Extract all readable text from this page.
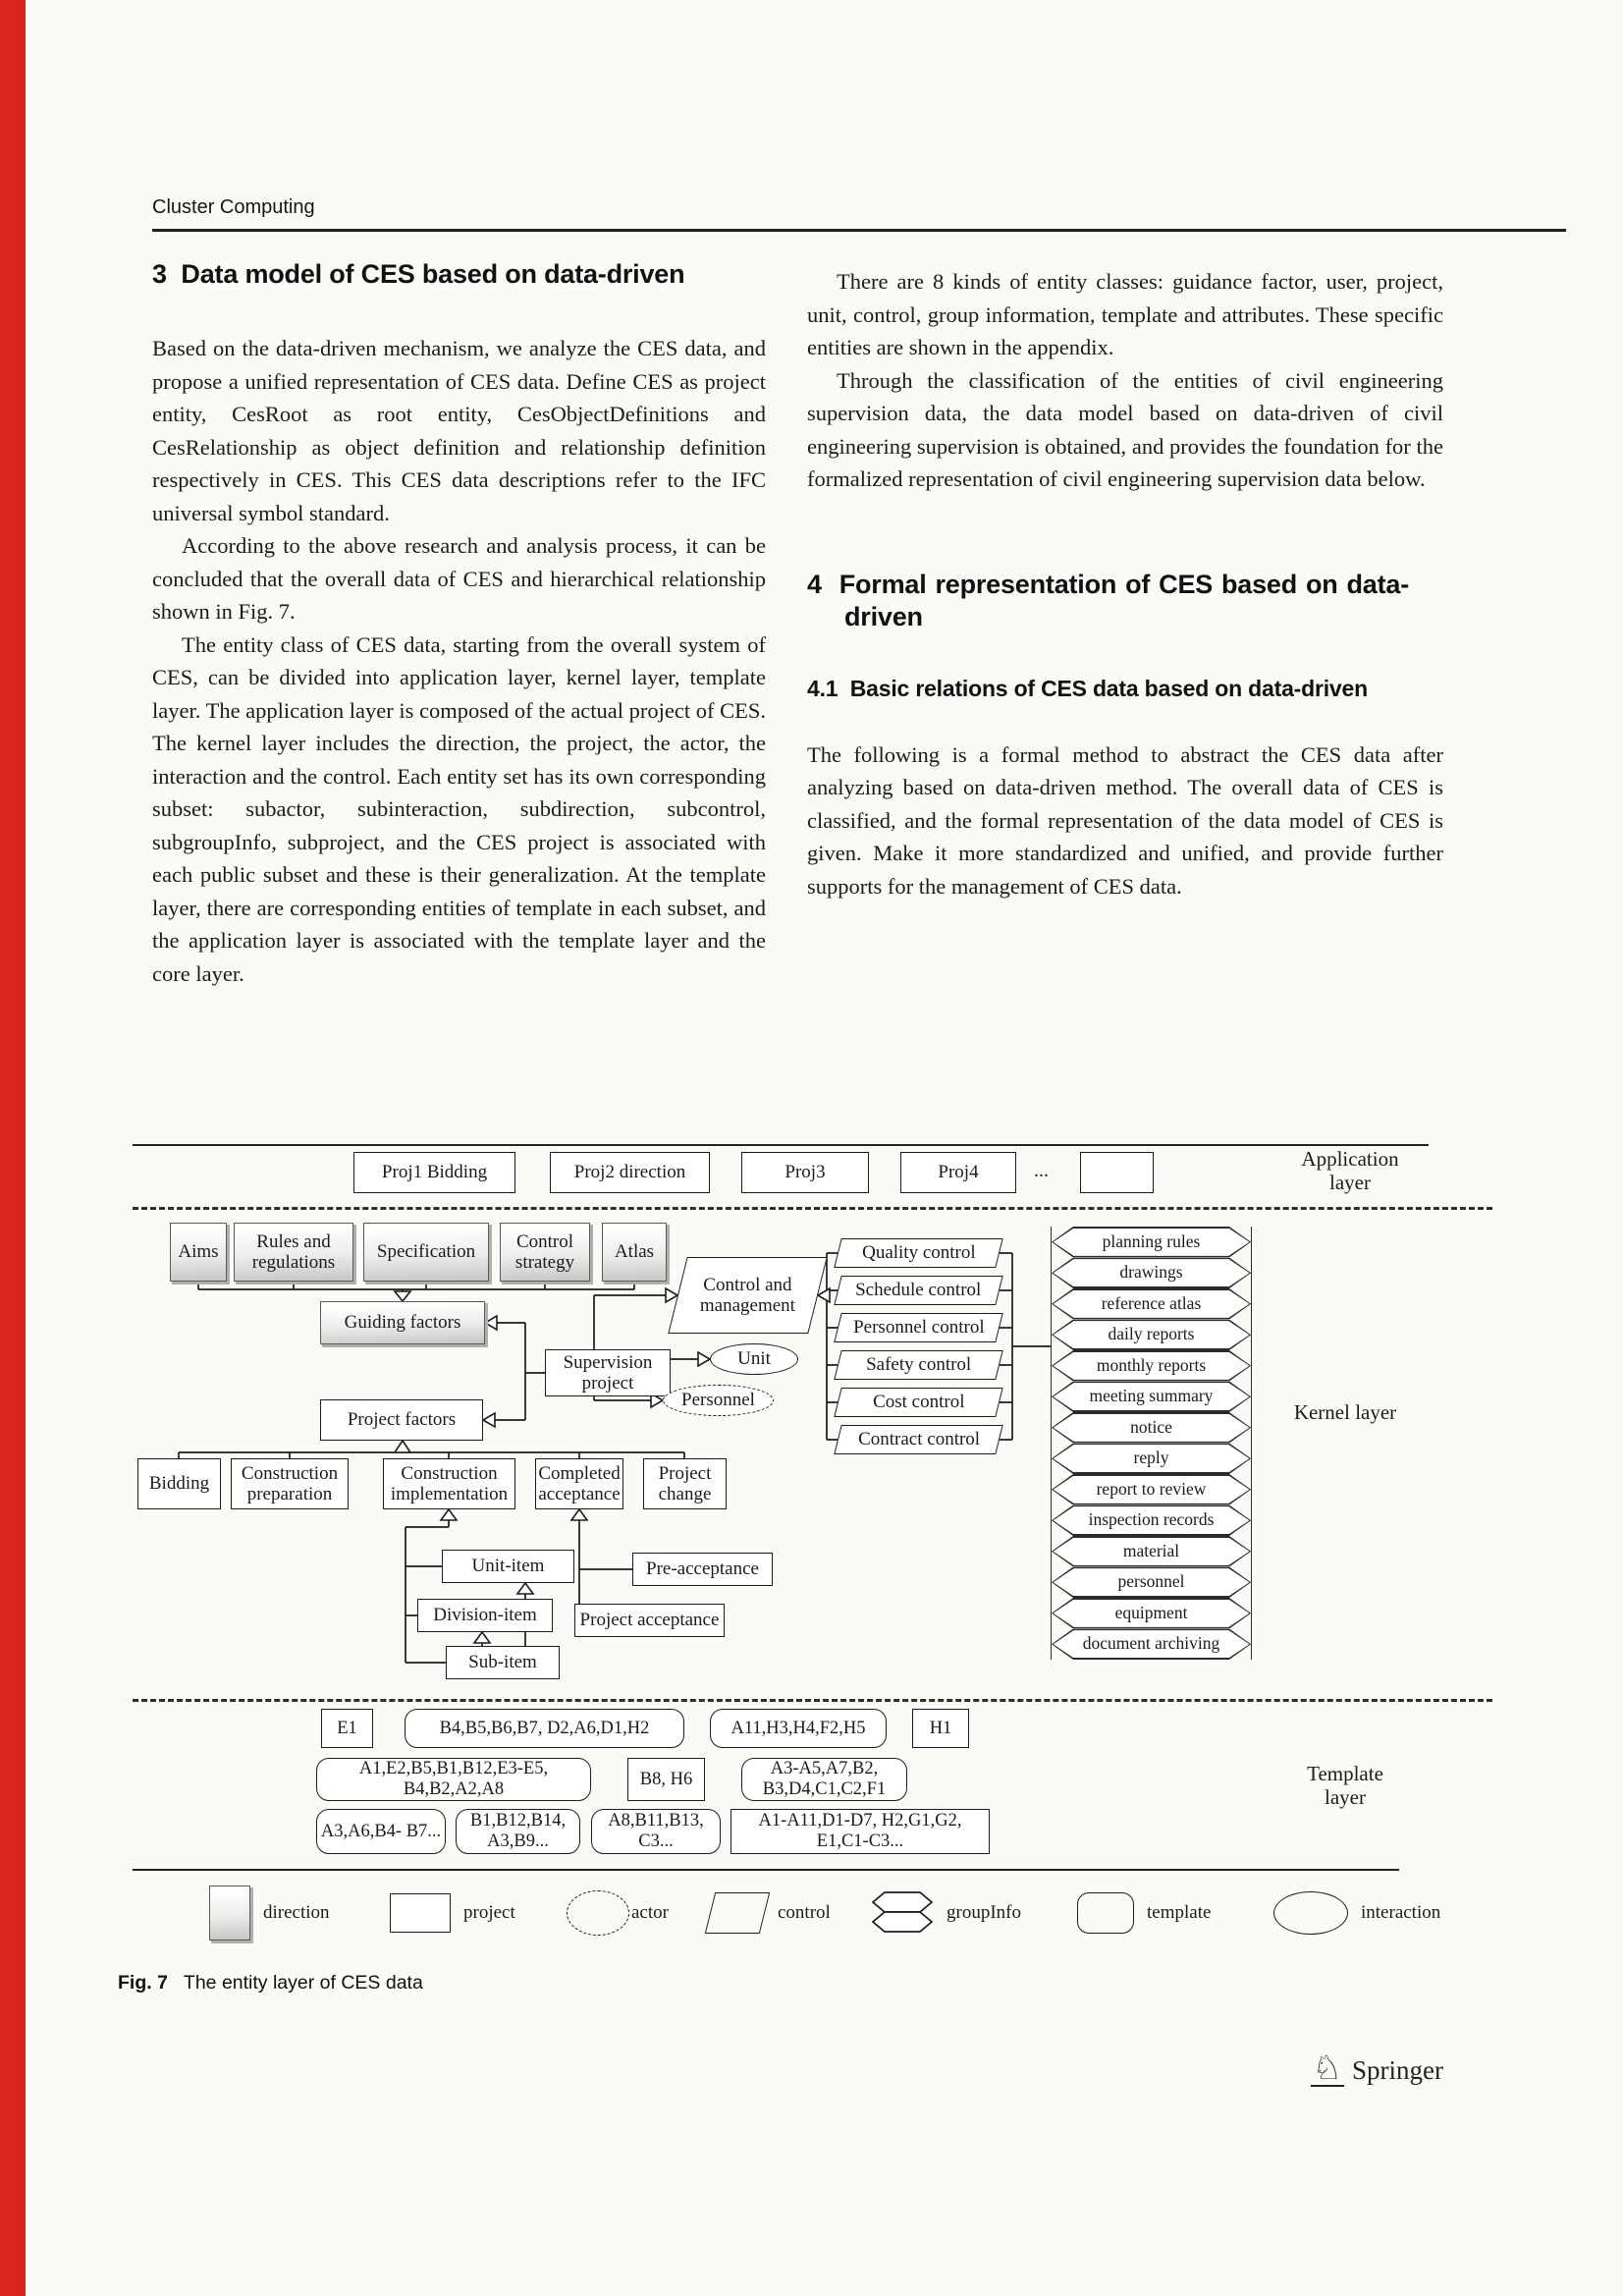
Cluster Computing
3  Data model of CES based on data-driven

Based on the data-driven mechanism, we analyze the CES data, and propose a unified representation of CES data. Define CES as project entity, CesRoot as root entity, CesObjectDefinitions and CesRelationship as object definition and relationship definition respectively in CES. This CES data descriptions refer to the IFC universal symbol standard.

According to the above research and analysis process, it can be concluded that the overall data of CES and hierarchical relationship shown in Fig. 7.

The entity class of CES data, starting from the overall system of CES, can be divided into application layer, kernel layer, template layer. The application layer is composed of the actual project of CES. The kernel layer includes the direction, the project, the actor, the interaction and the control. Each entity set has its own corresponding subset: subactor, subinteraction, subdirection, subcontrol, subgroupInfo, subproject, and the CES project is associated with each public subset and these is their generalization. At the template layer, there are corresponding entities of template in each subset, and the application layer is associated with the template layer and the core layer.

There are 8 kinds of entity classes: guidance factor, user, project, unit, control, group information, template and attributes. These specific entities are shown in the appendix.

Through the classification of the entities of civil engineering supervision data, the data model based on data-driven of civil engineering supervision is obtained, and provides the foundation for the formalized representation of civil engineering supervision data below.

4  Formal representation of CES based on data-driven
4.1  Basic relations of CES data based on data-driven

The following is a formal method to abstract the CES data after analyzing based on data-driven method. The overall data of CES is classified, and the formal representation of the data model of CES is given. Make it more standardized and unified, and provide further supports for the management of CES data.

Proj1 Bidding	Proj2 direction	Proj3	Proj4	...	Application layer
Aims
Rules and regulations
Specification
Control strategy
Atlas
Guiding factors
Project factors
Supervision project
Control and management
Unit
Personnel
Quality control
Schedule control
Personnel control
Safety control
Cost control
Contract control
planning rules
drawings
reference atlas
daily reports
monthly reports
meeting summary
notice
reply
report to review
inspection records
material
personnel
equipment
document archiving
Kernel layer
Bidding
Construction preparation
Construction implementation
Completed acceptance
Project change
Unit-item
Division-item
Sub-item
Pre-acceptance
Project acceptance
E1	B4,B5,B6,B7, D2,A6,D1,H2	A11,H3,H4,F2,H5	H1
A1,E2,B5,B1,B12,E3-E5, B4,B2,A2,A8
B8, H6
A3-A5,A7,B2, B3,D4,C1,C2,F1
A3,A6,B4- B7...
B1,B12,B14, A3,B9...
A8,B11,B13, C3...
A1-A11,D1-D7, H2,G1,G2, E1,C1-C3...
Template layer
direction	project	actor	control	groupInfo	template	interaction
Fig. 7 The entity layer of CES data
♘ Springer
